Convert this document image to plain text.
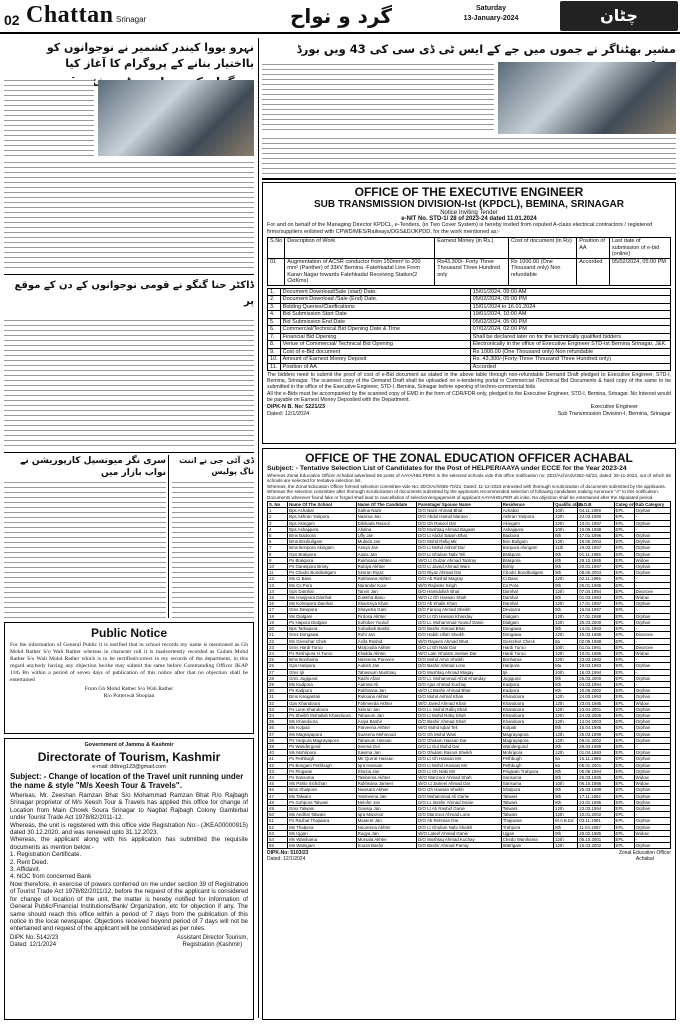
02 Chattan Srinagar	گرد و نواح	Saturday
13-January-2024	چٹان
نہرو یووا کیندر کشمیر نے نوجوانوں کو بااختیار بنانے کے پروگرام کا آغاز کیا
ڈاکٹر حنا گنگو نے قومی نوجوانوں کے دن کے موقع پر
سری نگر میونسپل کارپوریشن نے نواب بازار میں
ڈی آئی جی نے اننت ناگ پولیس
Public Notice
For the information of General Public it is notified that in school records my name is mentioned as Gh Mohd Rather S/o Wali Rather whereas in character roll it is inadvertently recorded as Gulam Mohd Rather S/o Wali Mohd Rather which is to be rectified/correct in my records of the department, in this regard anybody having any objection he/she may submit the same before Commanding Officer JKAP 11th Bn within a period of seven days of publication of this notice after that no objection shall be entertained
From Gh Mohd Rather S/o Wali Rather
R/o Potterwal Shopian
Government of Jammu & Kashmir
Directorate of Tourism, Kashmir
e-mail: ddtreg123@gmail.com
Subject: - Change of location of the Travel unit running under the name & style "M/s Xeesh Tour & Travels".
Whereas, Mr. Zeeshan Ramzan Bhat S/o Mohammad Ramzan Bhat R/o Rajbagh Srinagar proprietor of M/s Xeesh Tour & Travels has applied this office for change of Location from Main Chowk Soura Srinagar to Nagbal Rajbagh Colony Gambirbal under Tourist Trade Act 1978/82/2011-12.
Whereas, the unit is registered with this office vide Registration No:- (JKEA00000915) dated 30.12.2020, and was renewed upto 31.12.2023.
Whereas, the applicant along with his application has submitted the requisite documents as mention below:-
1. Registration Certificate.
2. Rent Deed.
3. Affidavit.
4. NOC from concerned Bank
Now therefore, in exercise of powers conferred on me under section 39 of Registration of Tourist Trade Act 1978/82/2011/12, before the request of the applicant is considered for change of location of the unit, the matter is hereby notified for information of General Public/Financial Institutions/Bank/ Organization, etc for objection if any. The same should reach this office within a period of 7 days from the publication of this notice in the local newspaper. Objections received beyond period of 7 days will not be entertained and request of the applicant will be considered as per rules.
DIPK No. 5142/23
Dated: 12/1/2024
Assistant Director Tourism,
Registration (Kashmir)
مشیر بھٹناگر نے جموں میں جے کے ایس ٹی ڈی سی کی 43 ویں بورڈ
OFFICE OF THE EXECUTIVE ENGINEER
SUB TRANSMISSION DIVISION-Ist (KPDCL), BEMINA, SRINAGAR
Notice Inviting Tender
e-NIT No. STD-1/ 28 of 2023-24 dated 11.01.2024
For and on behalf of the Managing Director KPDCL, e-Tenders, (in Two Cover System) is hereby invited from reputed A-class electrical contractors / registered firms/suppliers enlisted with CPWD/MES/Railways/DGS&D/JKPDD, for the work mentioned as:-
S.No	Description of Work	Earnest Money (in Rs.)	Cost of document (in Rs)	Position of AA	Last date of submission of e-bid (online)
01	Augmentation of ACSR conductor from 150mm² to 200 mm² (Panther) of 33kV Bemina -Fatehkadal Line From Karan Nagar towards Fatehkadal Receiving Station(2 CktKms)	Rs43,300/- Forty Three Thousand Three Hundred only	Rs 1000.00 (One Thousand only) Non refundable	Accorded	05/02/2024, 05:00 PM
1.	Document Download/Sale (start) Date:	15/01/2024, 09:00 AM
2.	Document Download /Sale (End) Date.	05/02/2024, 05:00 PM
3.	Bidding Queries/Clarifications	15/01/2024 to 16.01.2024
4.	Bid Submission Start Date	19/01/2024, 10:00 AM
5.	Bid Submission End Date	05/02/2024, 05:00 PM
6.	Commercial/Technical Bid Opening Date & Time	07/02/2024, 02:00 PM
7.	Financial Bid Opening	Shall be declared later on for the technically qualified bidders
8.	Venue of Commercial/ Technical Bid Opening	Electronically in the office of Executive Engineer STD-Ist Bemina Srinagar, J&K.
9.	Cost of e-Bid document	Rs 1000.00 (One Thousand only) Non refundable
10.	Amount of Earnest Money Deposit	Rs. 43,300/-(Forty-Three Thousand Three Hundred only)
11.	Position of AA	Accorded
The bidders need to submit the proof of cost of e-Bid document as stated in the above table through non-refundable Demand Draft pledged to Executive Engineer, STD-I, Bemina, Srinagar. The scanned copy of the Demand Draft shall be uploaded on e-tendering portal in Commercial /Technical Bid Documents & hard copy of the same to be submitted in the office of the Executive Engineer, STD-I, Bemina, Srinagar before opening of techno-commercial bids.
All the e-Bids must be accompanied by the scanned copy of EMD in the form of CDR/FDR only, pledged to the Executive Engineer, STD-I, Bemina, Srinagar. No Interest would be payable on Earnest Money Deposited with the Department.
DIPK-N B. No: 5221/23
Dated: 12/1/2024
Executive Engineer
Sub Transmission Division-I, Bemina, Srinagar
OFFICE OF THE ZONAL EDUCATION OFFICER ACHABAL
Subject: - Tentative Selection List of Candidates for the Post of HELPER/AAYA under ECCE for the Year 2023-24
Whereas Zonal Education Officer Achabal advertised 56 posts of AAYA/HELPERS in the selected schools vide this office notification no: ZEO/Ach/Adv/362-43/23, dated: 25-11-2023, out of which 56 schools are selected for tentative selection list.
Whereas, the Zonal Education Officer formed selection committee vide No: ZEO/Ach/566-70/23, Dated: 11-12-2023 entrusted with thorough scrutinization of documents submitted by the applicants.
Whereas the selection committee after thorough scrutinization of documents submitted by the applicants recommended selection of following candidates making Annexure "A" to this notification.
Documents wherever found fake or forged shall lead to cancellation of selection/engagement of applicant AAYA/HELPER ab initio. No objection shall be entertained after the stipulated period.
S. No	Name Of The School	Name Of The Candidate	Parentage/ Spouse Name	Residence	Qualific ation	D.O.B	Categ ory	Sub Category
1	Bps Achabal	Salma Nazir	D/O Nazir Ahmad Bhat	Achabal	10th	04.11.1999	EPL	Orphan
2	Bps Akhran Yaripora	Nasima Jan	D/O Abdul Hamid Mantoo	Akhran Yaripora	12th	24.03.1990	EPL	-
3	Bps Akingam	Dilshada Rasool	D/O Gh Rasool Dar	Akingam	12th	10.01.1997	EPL	Orphan
4	Bps Ashajipora	Ahdina	D/O Mushtaq Ahmad Bagwat	Ashajipora	10th	10.09.1998	EPL	-
5	Bms Badoora	Ulfy Jan	D/O Lt Abdul Salam Bhat	Badoora	8th	17.01.1996	EPL	Orphan
6	Bms Bonbuligam	Mubida Jan	D/O Mohd Rafiq Mir	Bon Buligam	12th	16.06.2004	EPL	Orphan
7	Bms Bonpora Akingam	Aseya Jan	D/O Lt Mohd Ashraf Dar	Bonpora Akingam	11th	19.03.1997	EPL	Orphan
8	Gps Brakpora	Aasia Jan	D/O Lt Ghulam Nabi Teli	Brakpora	9th	01.11.1986	EPL	Orphan
9	Ps Brakpora	Rukhsana Akhter	W/O Lt Gulzar Ahmad Tantray	Brakpora	8th	29.10.1985	EPL	Widow
10	Ps Ganeipora Brinty	Rubiya Akhter	D/O Lt Javed Ahmad Wani	Brinty	9th	20.01.1997	EPL	Orphan
11	Ps Chodci Bondbaligam	Simran Riyaz	D/O Riyaz Ahmad Dar	Chodci Bondbaligam	9th	08.06.2004	EPL	Orphan
12	Ms Ci Bass	Rukhsana Akhter	D/O Ab Rashid Magray	Ci Bass	12th	02.11.1996	EPL	-
13	Ms Cs Pora	Narandar Kour	W/O Rajinder Singh	Cs Pora	9th	20.01.1985	EPL	-
14	Gps Damhal	Tanvir Jan	D/O Hamidullah Bhat	Damhal	12th	07.04.1994	EPL	Divorcee
15	Ms Hanjipora Damhal	Zulekha Bano	W/O Lt Gh Hassan Shah	Damhal	8th	01.03.1983	EPL	Widow
16	Ms Kohnipora Damhal	Shamziya Khan	D/O Ab Khalik Khan	Damhal	12th	17.01.1997	EPL	Orphan
17	Gms Devipora	Shayesta Gani	D/O Farooq Ahmad Sheikh	Devipora	8th	16.04.1997	EPL	-
18	Ms Dialgam	Firdosa Akhter	D/O Lt Gh Hassan Khanday	Dialgam	12th	17.01.1988	EPL	Orphan
19	Ps Hapora Dialgam	Suhober Yousuf	D/O Lt. Mohammad Yousuf Ganie	Dialgam	12th	25.03.2000	EPL	Orphan
20	Bps Tarkapora	Suhaibah Bashir	D/O Bashir Ahmad Bhat	Dongawa	9th	14.01.1993	EPL	-
21	Gms Dongawa	Rohi Jan	D/O Habib Ullah Sheikh	Dongawa	12th	10.03.1988	EPL	Divorcee
22	Ms Geerehar Chek	Asifa Rashid	W/O Rayees Ahmad Bhat	Geerehar Check	8a	02.08.1988	EPL	-
23	Gms Hardi Turoo	Marjoodia Akhter	D/O Lt Gh Nabi Dar	Hardi Turoo	10th	01.01.1991	EPL	Divorcee
24	Ps Reshipora H.Turoo	Khalida Akhter	W/O Late Ghulam Jeelani Dar	Hardi Turoo	12th	10.01.1986	EPL	Widow
25	Bms Bonhama	Nazeema Parveen	D/O Mohd Amin Sheikh	Bonhama	12th	23.03.1993	EPL	-
26	Gps Haripora	Aubish Jan	D/O Bashir Ahmad Lone	Haripora	Ma	19.03.1993	EPL	Orphan
27	Gms Ijri	Tabassum Mushtaq	D/O Mushtaq Ahmad Wagay	Ijri	10th	16.03.1994	EPL	-
28	Gms Jogigund	Rashi Afzal	D/O Lt. Mohammad Afzal Khanday	Jogigund	9th	25.03.2000	EPL	Orphan
29	Ms Kadpora	Aamina Ali	D/O Ajaz Ahmad Kuchay	Kadpora	8th	04.03.1994	EPL	-
30	Ps Kadpora	Rukhsana Jan	W/O Lt Bashir Ahmad Bhat	Kadpora	8th	10.05.2002	EPL	Orphan
31	Bms Kangantali	Ruksana Akhter	D/O Mohd Ashraf Khan	Khandoora	12th	24.03.1993	EPL	Orphan
32	Gps Khandoora	Fahmeeda Akhter	W/O Javed Ahmad Khan	Khandoora	12th	23.04.1985	EPL	Widow
33	Ps Lone Khandoora	Simran Jan	D/O Lt. Mohd Rafiq Shah	Khandoora	12th	23.04.2001	EPL	Orphan
34	Ps Sheikh Mohallah Khandoora	Tabasum Jan	D/O Lt Mohd Rafiq Shah	Khandoora	12th	24.03.2006	EPL	Orphan
35	Ms Khandoora	Asiya Bashir	D/O Bashir Ahmad Shah	Khandoora	12th	14.04.2003	EPL	Orphan
36	Ms Kulpati	Parveena Akhter	W/O Mohd Iqbal Teli	Kulpati	8th	15.04.1985	EPL	Orphan
37	Ms Magrayapora	Suzeena Mehmood	D/O Gh Mohd Wani	Magrayapora	12th	25.03.1999	EPL	Orphan
38	Ps Yaripora Magrayapora	Tabasum Hassan	D/O Ghulam Hassan Dar	Magrayapora	12th	09.01.2002	EPL	Orphan
39	Ps Wandergund	Seema Gul	D/O Lt Gul Mohd Dar	Wandergund	9th	28.04.1989	EPL	-
40	Ms Mohripora	Savima Jan	D/O Ghulam Rasool Sheikh	Mohripora	12th	01.04.1993	EPL	Orphan
41	Ps Pethbugh	Mir Qurrat Hassan	D/O Lt Gh Hassan Mir	Pethbugh	8a	15.11.1988	EPL	Orphan
42	Ps Bongam Pethbugh	Iqra Hussain	D/O Lt Mohd Hussain Mir	Pethbugh	8a	05.01.2001	EPL	Orphan
43	Ps Pingwan	Shazia Jan	D/O Lt Gh Nabi Mir	Pingwan Trahpora	8th	05.08.1994	EPL	Orphan
44	Ps Sansuma	Tasleema Akhter	W/O Manzoor Ahmad Shah	Sansuma	8th	26.03.1985	EPL	Widow
45	Ms Pahlo Sichchan	Rukhsana Jameel	W/O Lt Jameel Ahmad Dar	Sansuma	10th	06.10.1986	EPL	Widow
46	Bms Shalpora	Nuwsara Akhter	D/O Gh Hassan Sheikh	Shalpora	9th	25.03.1989	EPL	Orphan
47	Ms Talwani	Yasmeena Jan	D/O Mohammad Ali Ganie	Talwani	9th	17.11.1992	EPL	Orphan
48	Ps Gohpora Talwani	Nelofer Jan	D/O Lt. Bashir Ahmad Ganie	Talwani	8th	23.01.1995	EPL	Orphan
49	Gms Talwani	Gowsia Jan	D/O Lt Ab Rashid Ganie	Talwani	12th	23.03.1994	EPL	Orphan
50	Ms Andhal Talwani	Iqra Manzoor	D/O Manzoor Ahmad Lone	Talwani	12th	10.01.2002	EPL	-
51	Ps Razbal Thajiwara	Maseret Jan	D/O Ab Rehman Dar	Thajiwara	M.A B.Ed	03.11.1991	EPL	Orphan
52	Ms Thalpora	Nooreena Akhter	D/O Lt Ghulam Nabi Sheikh	Trahpora	8th	11.04.1987	EPL	Orphan
53	Ms Ujgan	Rugya Jan	W/O Lateef Ahmad Ganie	Ujgan	9th	28.02.1985	EPL	Widow
54	Ms Wanihama	Mursala Akhter	D/O Mushtaq Ahmad Kuchay	Chedo Wanihama	12th	05.10.2001	EPL	-
55	Ms Watrigam	Irooza Bashir	D/O Bashir Ahmad Parray	Watrigam	12th	15.03.2002	EPL	Orphan
DIPK-No: 5103/23
Dated: 12/1/2024
Zonal Education Officer
Achabal
